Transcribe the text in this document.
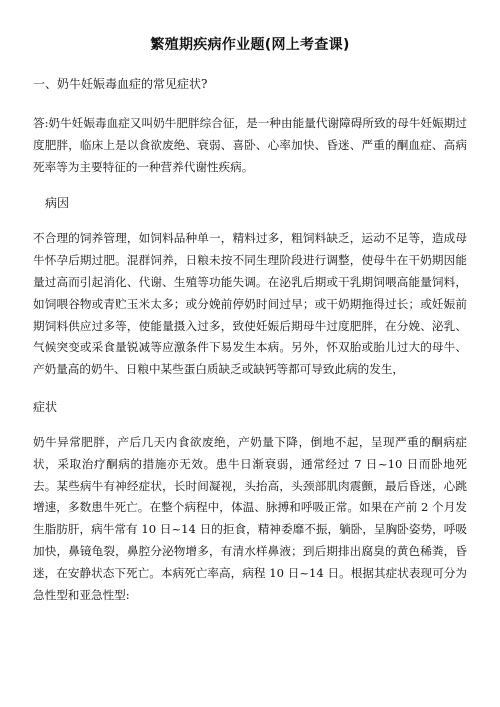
繁殖期疾病作业题(网上考查课)

一、奶牛妊娠毒血症的常见症状?

答:奶牛妊娠毒血症又叫奶牛肥胖综合征，是一种由能量代谢障碍所致的母牛妊娠期过度肥胖，临床上是以食欲废绝、衰弱、喜卧、心率加快、昏迷、严重的酮血症、高病死率等为主要特征的一种营养代谢性疾病。

病因

不合理的饲养管理，如饲料品种单一，精料过多，粗饲料缺乏，运动不足等，造成母牛怀孕后期过肥。混群饲养，日粮未按不同生理阶段进行调整，使母牛在干奶期因能量过高而引起消化、代谢、生殖等功能失调。在泌乳后期或干乳期饲喂高能量饲料，如饲喂谷物或青贮玉米太多；或分娩前停奶时间过早；或干奶期拖得过长；或妊娠前期饲料供应过多等，使能量摄入过多，致使妊娠后期母牛过度肥胖，在分娩、泌乳、气候突变或采食量锐减等应激条件下易发生本病。另外，怀双胎或胎儿过大的母牛、产奶量高的奶牛、日粮中某些蛋白质缺乏或缺钙等都可导致此病的发生，

症状

奶牛异常肥胖，产后几天内食欲废绝，产奶量下降，倒地不起，呈现严重的酮病症状，采取治疗酮病的措施亦无效。患牛日渐衰弱，通常经过 7 日~10 日而卧地死去。某些病牛有神经症状，长时间凝视，头抬高，头颈部肌肉震颤，最后昏迷，心跳增速，多数患牛死亡。在整个病程中，体温、脉搏和呼吸正常。如果在产前 2 个月发生脂肪肝，病牛常有 10 日~14 日的拒食，精神委靡不振，躺卧，呈胸卧姿势，呼吸加快，鼻镜龟裂，鼻腔分泌物增多，有清水样鼻液；到后期排出腐臭的黄色稀粪，昏迷，在安静状态下死亡。本病死亡率高，病程 10 日~14 日。根据其症状表现可分为急性型和亚急性型:
